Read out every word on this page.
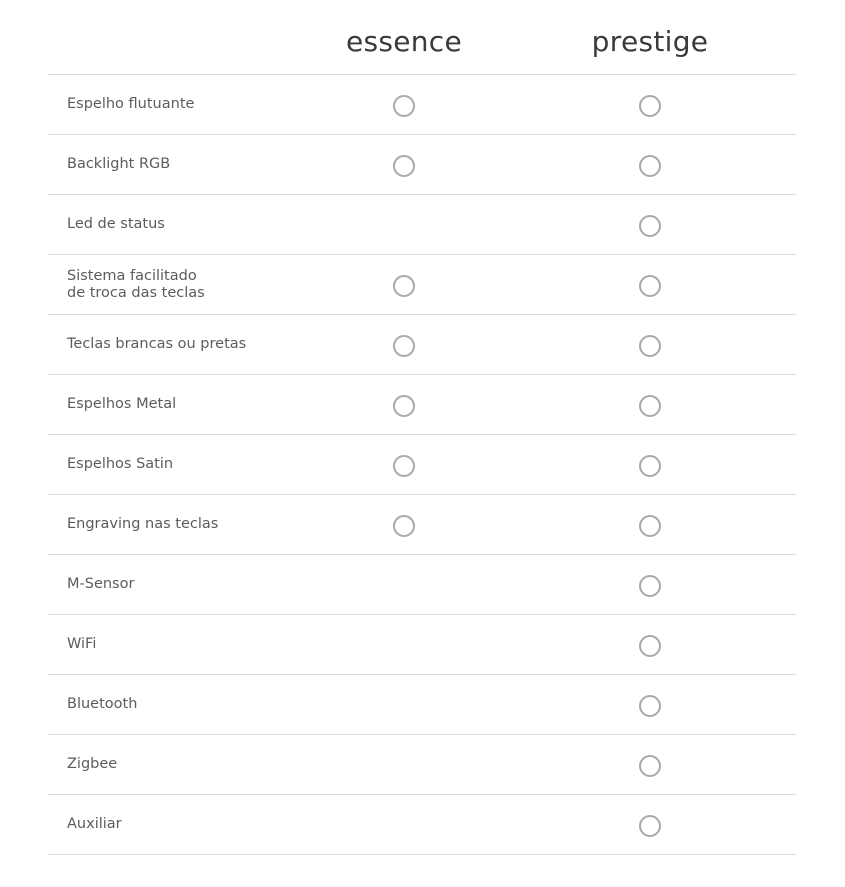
essence	prestige
Espelho flutuante
Backlight RGB
Led de status
Sistema facilitado
de troca das teclas
Teclas brancas ou pretas
Espelhos Metal
Espelhos Satin
Engraving nas teclas
M-Sensor
WiFi
Bluetooth
Zigbee
Auxiliar
